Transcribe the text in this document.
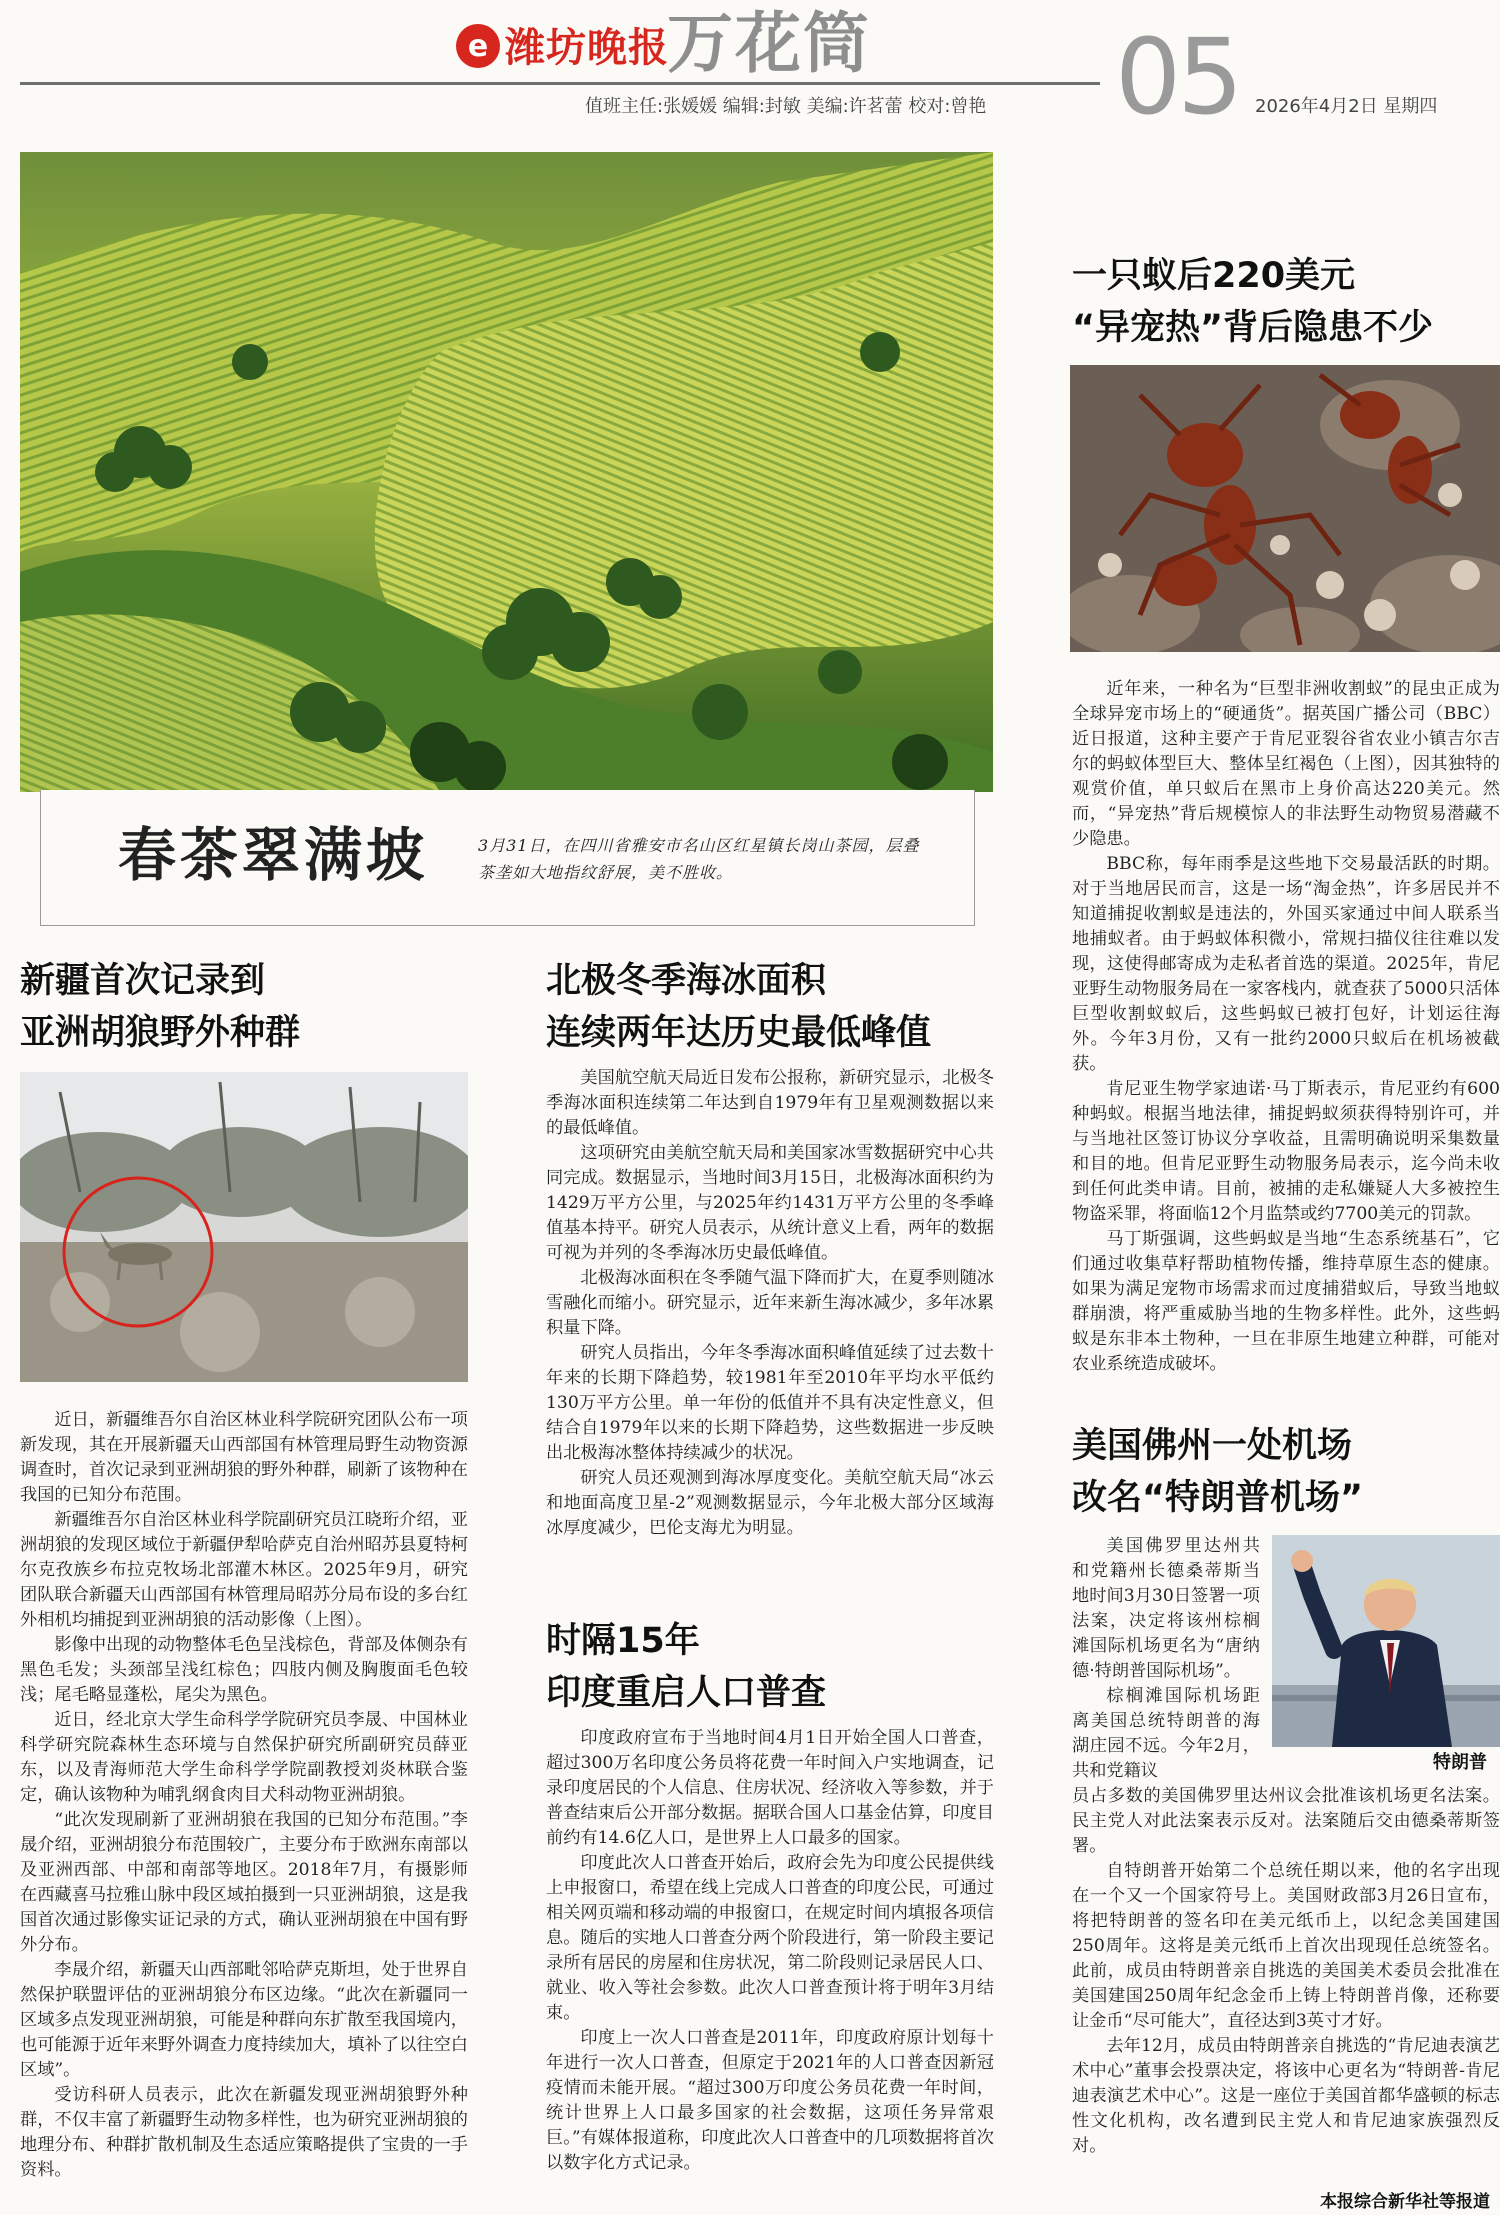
e 潍坊晚报
万花筒
值班主任:张媛媛 编辑:封敏 美编:许茗蕾 校对:曾艳 05 2026年4月2日 星期四
春茶翠满坡	3月31日，在四川省雅安市名山区红星镇长岗山茶园，层叠茶垄如大地指纹舒展，美不胜收。
一只蚁后220美元
“异宠热”背后隐患不少

近年来，一种名为“巨型非洲收割蚁”的昆虫正成为全球异宠市场上的“硬通货”。据英国广播公司（BBC）近日报道，这种主要产于肯尼亚裂谷省农业小镇吉尔吉尔的蚂蚁体型巨大、整体呈红褐色（上图），因其独特的观赏价值，单只蚁后在黑市上身价高达220美元。然而，“异宠热”背后规模惊人的非法野生动物贸易潜藏不少隐患。

BBC称，每年雨季是这些地下交易最活跃的时期。对于当地居民而言，这是一场“淘金热”，许多居民并不知道捕捉收割蚁是违法的，外国买家通过中间人联系当地捕蚁者。由于蚂蚁体积微小，常规扫描仪往往难以发现，这使得邮寄成为走私者首选的渠道。2025年，肯尼亚野生动物服务局在一家客栈内，就查获了5000只活体巨型收割蚁蚁后，这些蚂蚁已被打包好，计划运往海外。今年3月份，又有一批约2000只蚁后在机场被截获。

肯尼亚生物学家迪诺·马丁斯表示，肯尼亚约有600种蚂蚁。根据当地法律，捕捉蚂蚁须获得特别许可，并与当地社区签订协议分享收益，且需明确说明采集数量和目的地。但肯尼亚野生动物服务局表示，迄今尚未收到任何此类申请。目前，被捕的走私嫌疑人大多被控生物盗采罪，将面临12个月监禁或约7700美元的罚款。

马丁斯强调，这些蚂蚁是当地“生态系统基石”，它们通过收集草籽帮助植物传播，维持草原生态的健康。如果为满足宠物市场需求而过度捕猎蚁后，导致当地蚁群崩溃，将严重威胁当地的生物多样性。此外，这些蚂蚁是东非本土物种，一旦在非原生地建立种群，可能对农业系统造成破坏。

美国佛州一处机场
改名“特朗普机场”
特朗普

美国佛罗里达州共和党籍州长德桑蒂斯当地时间3月30日签署一项法案，决定将该州棕榈滩国际机场更名为“唐纳德·特朗普国际机场”。

棕榈滩国际机场距离美国总统特朗普的海湖庄园不远。今年2月，共和党籍议

员占多数的美国佛罗里达州议会批准该机场更名法案。民主党人对此法案表示反对。法案随后交由德桑蒂斯签署。

自特朗普开始第二个总统任期以来，他的名字出现在一个又一个国家符号上。美国财政部3月26日宣布，将把特朗普的签名印在美元纸币上，以纪念美国建国250周年。这将是美元纸币上首次出现现任总统签名。此前，成员由特朗普亲自挑选的美国美术委员会批准在美国建国250周年纪念金币上铸上特朗普肖像，还称要让金币“尽可能大”，直径达到3英寸才好。

去年12月，成员由特朗普亲自挑选的“肯尼迪表演艺术中心”董事会投票决定，将该中心更名为“特朗普-肯尼迪表演艺术中心”。这是一座位于美国首都华盛顿的标志性文化机构，改名遭到民主党人和肯尼迪家族强烈反对。

本报综合新华社等报道
新疆首次记录到
亚洲胡狼野外种群

近日，新疆维吾尔自治区林业科学院研究团队公布一项新发现，其在开展新疆天山西部国有林管理局野生动物资源调查时，首次记录到亚洲胡狼的野外种群，刷新了该物种在我国的已知分布范围。

新疆维吾尔自治区林业科学院副研究员江晓珩介绍，亚洲胡狼的发现区域位于新疆伊犁哈萨克自治州昭苏县夏特柯尔克孜族乡布拉克牧场北部灌木林区。2025年9月，研究团队联合新疆天山西部国有林管理局昭苏分局布设的多台红外相机均捕捉到亚洲胡狼的活动影像（上图）。

影像中出现的动物整体毛色呈浅棕色，背部及体侧杂有黑色毛发；头颈部呈浅红棕色；四肢内侧及胸腹面毛色较浅；尾毛略显蓬松，尾尖为黑色。

近日，经北京大学生命科学学院研究员李晟、中国林业科学研究院森林生态环境与自然保护研究所副研究员薛亚东，以及青海师范大学生命科学学院副教授刘炎林联合鉴定，确认该物种为哺乳纲食肉目犬科动物亚洲胡狼。

“此次发现刷新了亚洲胡狼在我国的已知分布范围。”李晟介绍，亚洲胡狼分布范围较广，主要分布于欧洲东南部以及亚洲西部、中部和南部等地区。2018年7月，有摄影师在西藏喜马拉雅山脉中段区域拍摄到一只亚洲胡狼，这是我国首次通过影像实证记录的方式，确认亚洲胡狼在中国有野外分布。

李晟介绍，新疆天山西部毗邻哈萨克斯坦，处于世界自然保护联盟评估的亚洲胡狼分布区边缘。“此次在新疆同一区域多点发现亚洲胡狼，可能是种群向东扩散至我国境内，也可能源于近年来野外调查力度持续加大，填补了以往空白区域”。

受访科研人员表示，此次在新疆发现亚洲胡狼野外种群，不仅丰富了新疆野生动物多样性，也为研究亚洲胡狼的地理分布、种群扩散机制及生态适应策略提供了宝贵的一手资料。

北极冬季海冰面积
连续两年达历史最低峰值

美国航空航天局近日发布公报称，新研究显示，北极冬季海冰面积连续第二年达到自1979年有卫星观测数据以来的最低峰值。

这项研究由美航空航天局和美国家冰雪数据研究中心共同完成。数据显示，当地时间3月15日，北极海冰面积约为1429万平方公里，与2025年约1431万平方公里的冬季峰值基本持平。研究人员表示，从统计意义上看，两年的数据可视为并列的冬季海冰历史最低峰值。

北极海冰面积在冬季随气温下降而扩大，在夏季则随冰雪融化而缩小。研究显示，近年来新生海冰减少，多年冰累积量下降。

研究人员指出，今年冬季海冰面积峰值延续了过去数十年来的长期下降趋势，较1981年至2010年平均水平低约130万平方公里。单一年份的低值并不具有决定性意义，但结合自1979年以来的长期下降趋势，这些数据进一步反映出北极海冰整体持续减少的状况。

研究人员还观测到海冰厚度变化。美航空航天局“冰云和地面高度卫星-2”观测数据显示，今年北极大部分区域海冰厚度减少，巴伦支海尤为明显。

时隔15年
印度重启人口普查

印度政府宣布于当地时间4月1日开始全国人口普查，超过300万名印度公务员将花费一年时间入户实地调查，记录印度居民的个人信息、住房状况、经济收入等参数，并于普查结束后公开部分数据。据联合国人口基金估算，印度目前约有14.6亿人口，是世界上人口最多的国家。

印度此次人口普查开始后，政府会先为印度公民提供线上申报窗口，希望在线上完成人口普查的印度公民，可通过相关网页端和移动端的申报窗口，在规定时间内填报各项信息。随后的实地人口普查分两个阶段进行，第一阶段主要记录所有居民的房屋和住房状况，第二阶段则记录居民人口、就业、收入等社会参数。此次人口普查预计将于明年3月结束。

印度上一次人口普查是2011年，印度政府原计划每十年进行一次人口普查，但原定于2021年的人口普查因新冠疫情而未能开展。“超过300万印度公务员花费一年时间，统计世界上人口最多国家的社会数据，这项任务异常艰巨。”有媒体报道称，印度此次人口普查中的几项数据将首次以数字化方式记录。
